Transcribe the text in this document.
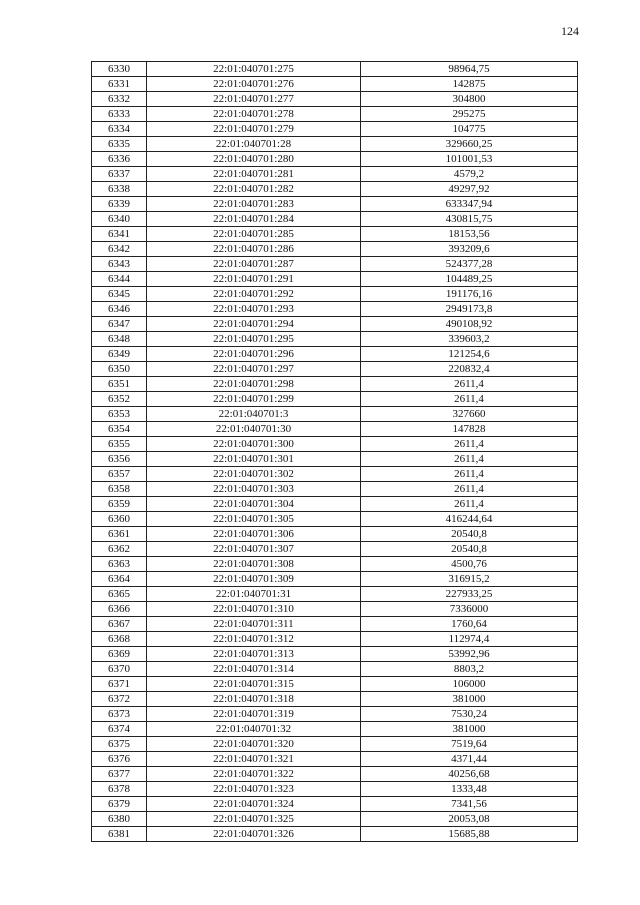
124
6330	22:01:040701:275	98964,75
6331	22:01:040701:276	142875
6332	22:01:040701:277	304800
6333	22:01:040701:278	295275
6334	22:01:040701:279	104775
6335	22:01:040701:28	329660,25
6336	22:01:040701:280	101001,53
6337	22:01:040701:281	4579,2
6338	22:01:040701:282	49297,92
6339	22:01:040701:283	633347,94
6340	22:01:040701:284	430815,75
6341	22:01:040701:285	18153,56
6342	22:01:040701:286	393209,6
6343	22:01:040701:287	524377,28
6344	22:01:040701:291	104489,25
6345	22:01:040701:292	191176,16
6346	22:01:040701:293	2949173,8
6347	22:01:040701:294	490108,92
6348	22:01:040701:295	339603,2
6349	22:01:040701:296	121254,6
6350	22:01:040701:297	220832,4
6351	22:01:040701:298	2611,4
6352	22:01:040701:299	2611,4
6353	22:01:040701:3	327660
6354	22:01:040701:30	147828
6355	22:01:040701:300	2611,4
6356	22:01:040701:301	2611,4
6357	22:01:040701:302	2611,4
6358	22:01:040701:303	2611,4
6359	22:01:040701:304	2611,4
6360	22:01:040701:305	416244,64
6361	22:01:040701:306	20540,8
6362	22:01:040701:307	20540,8
6363	22:01:040701:308	4500,76
6364	22:01:040701:309	316915,2
6365	22:01:040701:31	227933,25
6366	22:01:040701:310	7336000
6367	22:01:040701:311	1760,64
6368	22:01:040701:312	112974,4
6369	22:01:040701:313	53992,96
6370	22:01:040701:314	8803,2
6371	22:01:040701:315	106000
6372	22:01:040701:318	381000
6373	22:01:040701:319	7530,24
6374	22:01:040701:32	381000
6375	22:01:040701:320	7519,64
6376	22:01:040701:321	4371,44
6377	22:01:040701:322	40256,68
6378	22:01:040701:323	1333,48
6379	22:01:040701:324	7341,56
6380	22:01:040701:325	20053,08
6381	22:01:040701:326	15685,88
